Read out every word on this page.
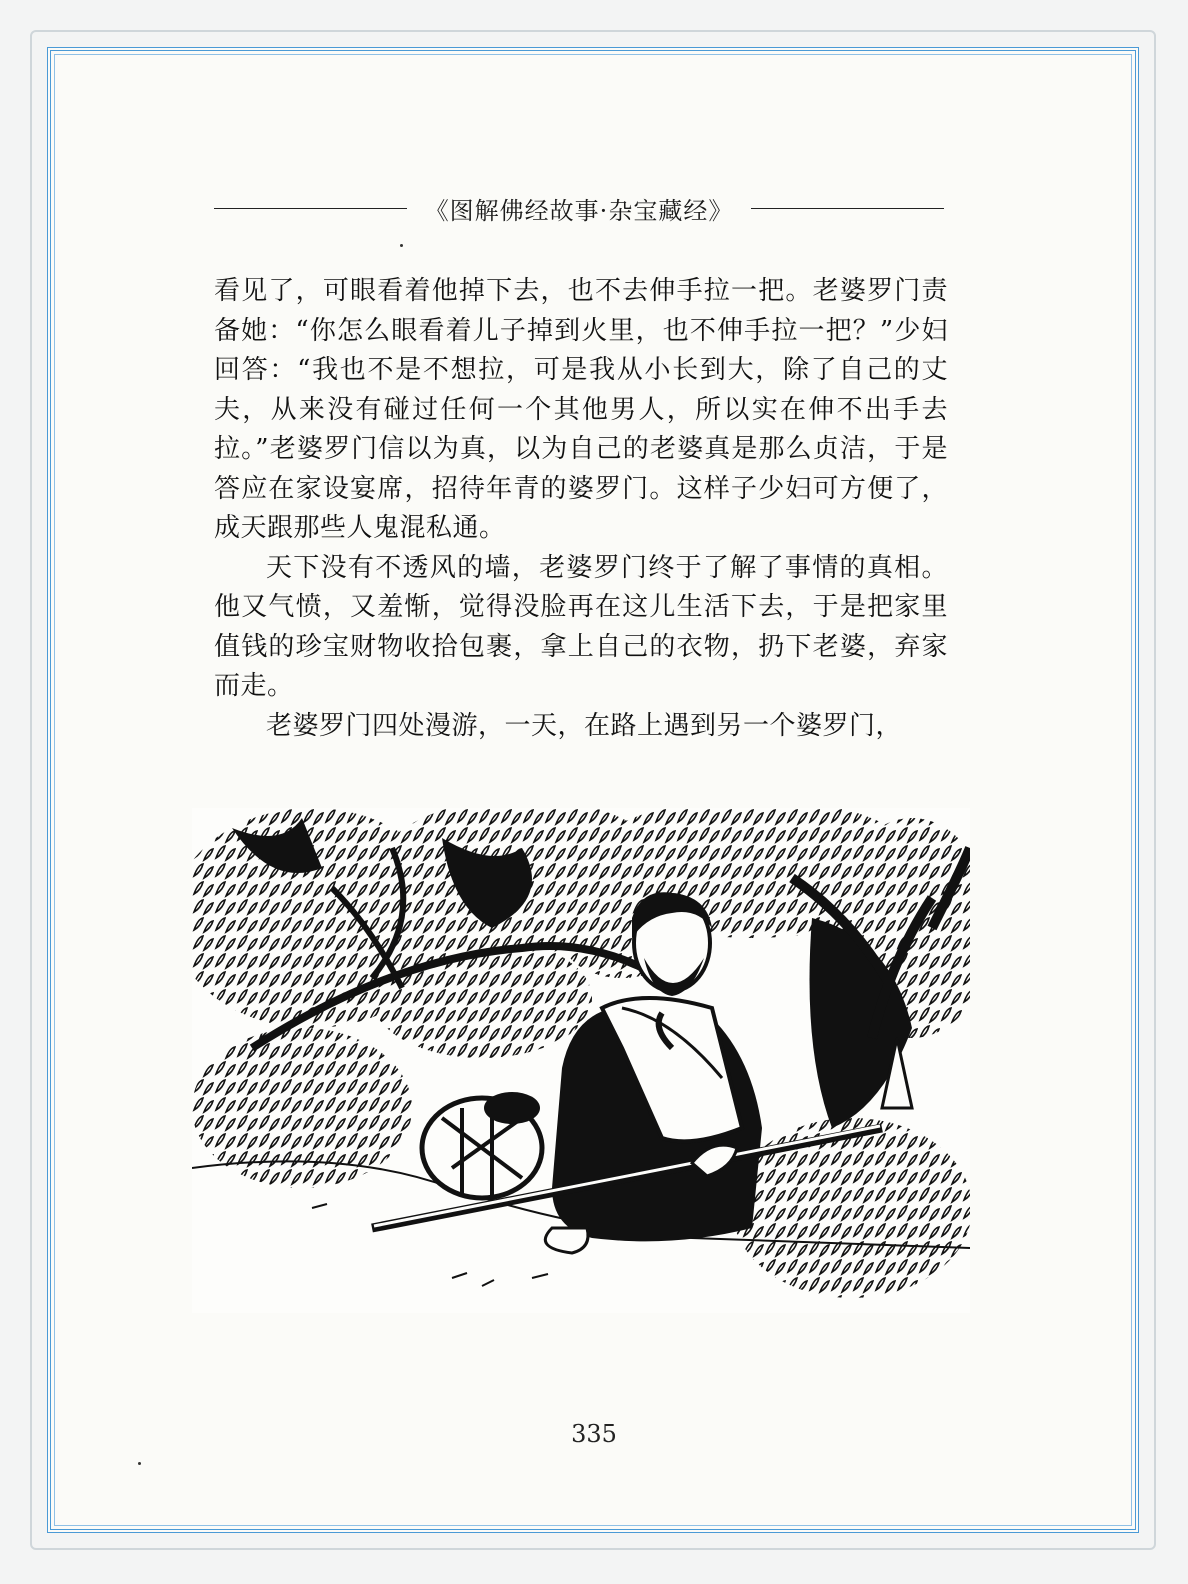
《图解佛经故事·杂宝藏经》

看见了，可眼看着他掉下去，也不去伸手拉一把。老婆罗门责备她：“你怎么眼看着儿子掉到火里，也不伸手拉一把？”少妇回答：“我也不是不想拉，可是我从小长到大，除了自己的丈夫，从来没有碰过任何一个其他男人，所以实在伸不出手去拉。”老婆罗门信以为真，以为自己的老婆真是那么贞洁，于是答应在家设宴席，招待年青的婆罗门。这样子少妇可方便了，成天跟那些人鬼混私通。

天下没有不透风的墙，老婆罗门终于了解了事情的真相。他又气愤，又羞惭，觉得没脸再在这儿生活下去，于是把家里值钱的珍宝财物收拾包裹，拿上自己的衣物，扔下老婆，弃家而走。

老婆罗门四处漫游，一天，在路上遇到另一个婆罗门，

335
